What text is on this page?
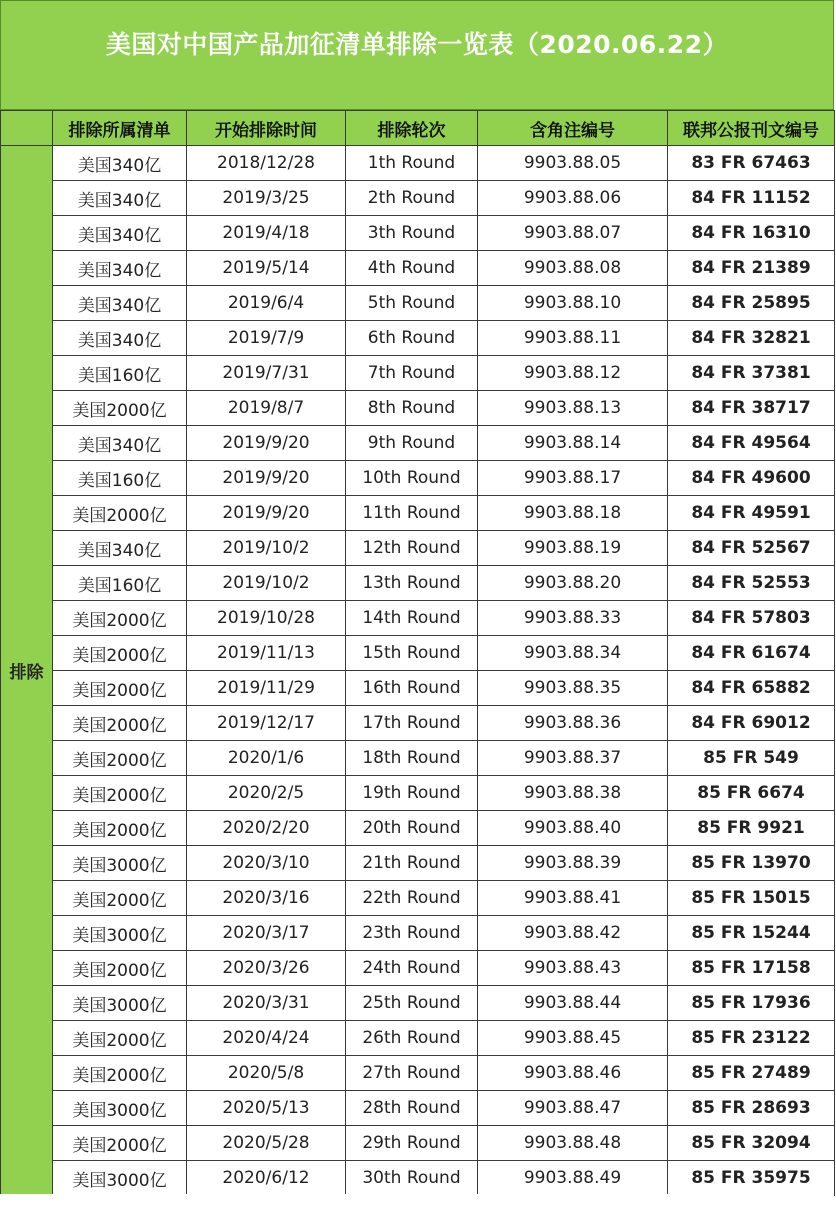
美国对中国产品加征清单排除一览表（2020.06.22）
	排除所属清单	开始排除时间	排除轮次	含角注编号	联邦公报刊文编号
排除	美国340亿	2018/12/28	1th Round	9903.88.05	83 FR 67463
	美国340亿	2019/3/25	2th Round	9903.88.06	84 FR 11152
	美国340亿	2019/4/18	3th Round	9903.88.07	84 FR 16310
	美国340亿	2019/5/14	4th Round	9903.88.08	84 FR 21389
	美国340亿	2019/6/4	5th Round	9903.88.10	84 FR 25895
	美国340亿	2019/7/9	6th Round	9903.88.11	84 FR 32821
	美国160亿	2019/7/31	7th Round	9903.88.12	84 FR 37381
	美国2000亿	2019/8/7	8th Round	9903.88.13	84 FR 38717
	美国340亿	2019/9/20	9th Round	9903.88.14	84 FR 49564
	美国160亿	2019/9/20	10th Round	9903.88.17	84 FR 49600
	美国2000亿	2019/9/20	11th Round	9903.88.18	84 FR 49591
	美国340亿	2019/10/2	12th Round	9903.88.19	84 FR 52567
	美国160亿	2019/10/2	13th Round	9903.88.20	84 FR 52553
	美国2000亿	2019/10/28	14th Round	9903.88.33	84 FR 57803
	美国2000亿	2019/11/13	15th Round	9903.88.34	84 FR 61674
	美国2000亿	2019/11/29	16th Round	9903.88.35	84 FR 65882
	美国2000亿	2019/12/17	17th Round	9903.88.36	84 FR 69012
	美国2000亿	2020/1/6	18th Round	9903.88.37	85 FR 549
	美国2000亿	2020/2/5	19th Round	9903.88.38	85 FR 6674
	美国2000亿	2020/2/20	20th Round	9903.88.40	85 FR 9921
	美国3000亿	2020/3/10	21th Round	9903.88.39	85 FR 13970
	美国2000亿	2020/3/16	22th Round	9903.88.41	85 FR 15015
	美国3000亿	2020/3/17	23th Round	9903.88.42	85 FR 15244
	美国2000亿	2020/3/26	24th Round	9903.88.43	85 FR 17158
	美国3000亿	2020/3/31	25th Round	9903.88.44	85 FR 17936
	美国2000亿	2020/4/24	26th Round	9903.88.45	85 FR 23122
	美国2000亿	2020/5/8	27th Round	9903.88.46	85 FR 27489
	美国3000亿	2020/5/13	28th Round	9903.88.47	85 FR 28693
	美国2000亿	2020/5/28	29th Round	9903.88.48	85 FR 32094
	美国3000亿	2020/6/12	30th Round	9903.88.49	85 FR 35975
